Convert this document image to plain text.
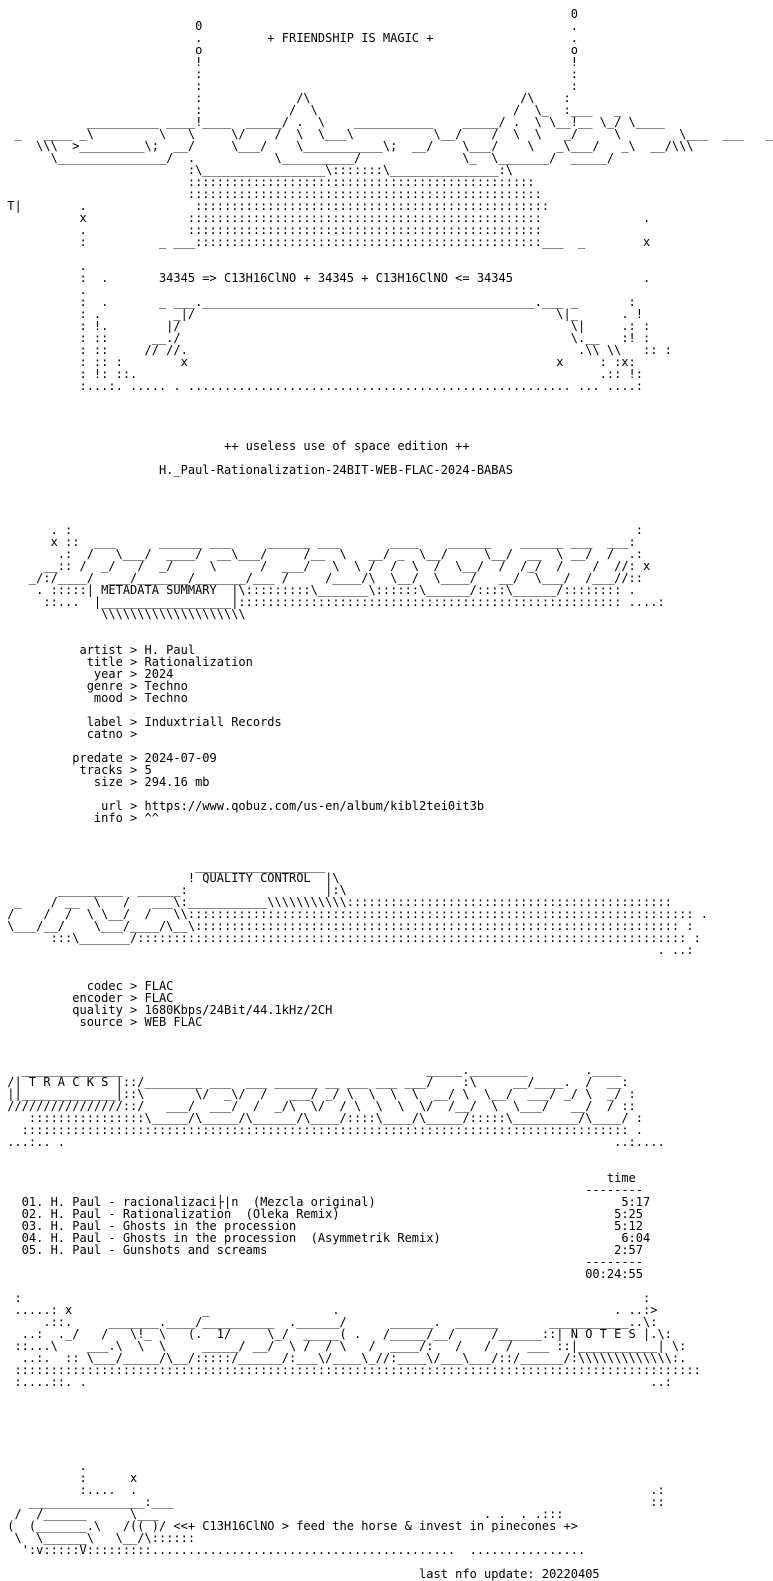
0
0                                                   .
.         + FRIENDSHIP IS MAGIC +                   .
o                                                   o
!                                                   !
:                                                   :
:                                                   :
:             /\                             /\    :
:            /  \                           /  \_  :___   _
__________ ____!____  _____/ .  \    ___________    _____/ .  \ \__!__ \_/ \____
_   ____ _\         \   \     \/    /  \  \___\           \__/    /  \  \   _/     \        \___  ___   _
\\\  >_________\;  __/     \___/    \___________\;  __/    \___/    \   _\___/   _\  __/\\\
\_______________/  .           \__________/              \_  \_______/  _____/
:\_________________\:::::::\_______________:\
::::::::::::::::::::::::::::::::::::::::::::::::
:::::::::::::::::::::::::::::::::::::::::::::::::
T|        .               :::::::::::::::::::::::::::::::::::::::::::::::::
x              :::::::::::::::::::::::::::::::::::::::::::::::::              .
.              :::::::::::::::::::::::::::::::::::::::::::::::::
:          _ ___::::::::::::::::::::::::::::::::::::::::::::::::___  _        x

.
:  .       34345 => C13H16ClNO + 34345 + C13H16ClNO <= 34345                  .
.
:  .       _ ___.______________________________________________.___ _       :
: .          _|/                                                  \|_      . !
: !.        |/                                                      \|     .: :
: ::      __./                                                      \.__   :! :
: ::     // //.                                                      .\\ \\   :: :
: :: :        x                                                   x     : :x:
: !: ::.                                                                .:: !:
:...:. ..... . ..................................................... ... ....:

++ useless use of space edition ++

H._Paul-Rationalization-24BIT-WEB-FLAC-2024-BABAS

. :                                                                              :
x ::  ___      ______ ___     ______ ___       ____    ______    ______ ___  ___:
.:  /   \___/  ____/  __\___/     /__  \   __/ _  \__/     \__/  __  \ __/  /  .:
__:: /  _/   /  _/     \      /  ___/   \  \ /  /  \  /  \__/  /  /_/  /    /  //: x
_/:/____/  ___/_______/_______/___ /     /____/\  \__/  \____/   __/  \___/  /___//::
. :::::| METADATA SUMMARY  |\:::::::::\_______\::::::\______/::::\______/:::::::: .
::...  |__________________|::::::::::::::::::::::::::::::::::::::::::::::::::::: ....:
\\\\\\\\\\\\\\\\\\\\

artist > H. Paul
title > Rationalization
year > 2024
genre > Techno
mood > Techno

label > Induxtriall Records
catno >

predate > 2024-07-09
tracks > 5
size > 294.16 mb

url > https://www.qobuz.com/us-en/album/kibl2tei0it3b
info > ^^

__________________
! QUALITY CONTROL  |\
_________  ______:                   |:\
_    / __  \   /   ___\:___________\\\\\\\\\\\:::::::::::::::::::::::::::::::::::::::::::::
/    /  /  \ \__/  /   \\:::::::::::::::::::::::::::::::::::::::::::::::::::::::::::::::::::::: .
\___/__/    \___/____/\__\::::::::::::::::::::::::::::::::::::::::::::::::::::::::::::::::::: :
:::\_______/:::::::::::::::::::::::::::::::::::::::::::::::::::::::::::::::::::::::::::: :
. ..:

codec > FLAC
encoder > FLAC
quality > 1680Kbps/24Bit/44.1kHz/2CH
source > WEB FLAC

______________                                          _____.________        .____
/| T R A C K S |::/________ ___  ___ ______ __ ___ ___ ___/    :\     __/____.  /  __:
||_____________|::\       \/  _\/  /   ___/ _/ \  \  \  \  __/ \  \__/  ___/ _/ \  _/ :
////////////////::/   ___/  ___/  /  _/\  \/  / \  \  \  \/  /__/  \  \___/   __/  / ::
::::::::::::::::\_____/\_____/\______/\____/::::\____/\_____/:::::\_________/\____/ :
:::::::::::::::::::::::::::::::::::::::::::::::::::::::::::::::::::::::::::::::::::: .
...:.. .                                                                            ..:....

time
--------
01. H. Paul - racionalizaci├|n  (Mezcla original)                                  5:17
02. H. Paul - Rationalization  (Oleka Remix)                                      5:25
03. H. Paul - Ghosts in the procession                                            5:12
04. H. Paul - Ghosts in the procession  (Asymmetrik Remix)                         6:04
05. H. Paul - Gunshots and screams                                                2:57
--------
00:24:55

:                                                                                      :
.....: x                  _                 .                                      . ..:>
.::.     _______.____/__________  .______/      ______.  ______       ___________..\:
..:  ._/   /   \!_ \   (.  1/     \_/  _____( .   /_____/__/     /______::| N O T E S |.\:
::...\    ___.\  \  \     _____/ __/  \ /  / \   /  ____/:   /   /  /  ___ ::|___________| \:
..:.  :: \___/_____/\__/:::::/______/:___\/____\_//:____\/___\___/::/______/:\\\\\\\\\\\\\:.
:::::::::::::::::::::::::::::::::::::::::::::::::::::::::::::::::::::::::::::::::::::::::::::::
:....::. .                                                                              ..:

.
:      x
:....  .                                                                       .:
________________:___                                                                  ::
/  /______      \___                                             . .  . .:::
(  (_______.\   /(( )/ <<+ C13H16ClNO > feed the horse & invest in pinecones +>
\  \______\   \__/\::::::
':v:::::V:::::::::..........................................  ................

last nfo update: 20220405
